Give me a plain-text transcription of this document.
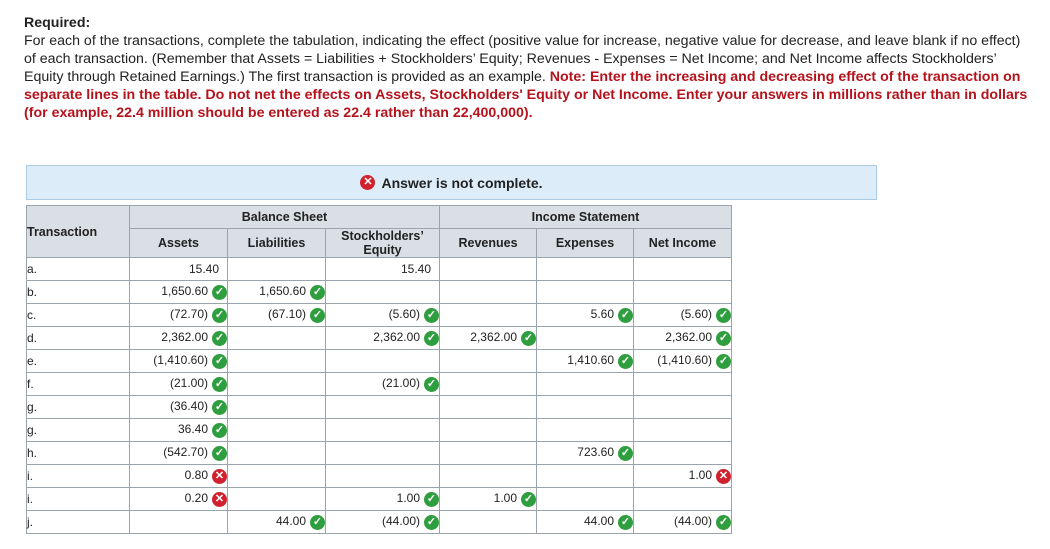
Required:
For each of the transactions, complete the tabulation, indicating the effect (positive value for increase, negative value for decrease, and leave blank if no effect) of each transaction. (Remember that Assets = Liabilities + Stockholders’ Equity; Revenues - Expenses = Net Income; and Net Income affects Stockholders’ Equity through Retained Earnings.) The first transaction is provided as an example. Note: Enter the increasing and decreasing effect of the transaction on separate lines in the table. Do not net the effects on Assets, Stockholders' Equity or Net Income. Enter your answers in millions rather than in dollars (for example, 22.4 million should be entered as 22.4 rather than 22,400,000).
✕ Answer is not complete.
Transaction	Balance Sheet			Income Statement		
	Assets	Liabilities	Stockholders’ Equity	Revenues	Expenses	Net Income
a.	15.40		15.40			
b.	1,650.60 ✓	1,650.60 ✓				
c.	(72.70) ✓	(67.10) ✓	(5.60) ✓		5.60 ✓	(5.60) ✓
d.	2,362.00 ✓		2,362.00 ✓	2,362.00 ✓		2,362.00 ✓
e.	(1,410.60) ✓				1,410.60 ✓	(1,410.60) ✓
f.	(21.00) ✓		(21.00) ✓			
g.	(36.40) ✓					
g.	36.40 ✓					
h.	(542.70) ✓				723.60 ✓	
i.	0.80 ✕					1.00 ✕
i.	0.20 ✕		1.00 ✓	1.00 ✓		
j.		44.00 ✓	(44.00) ✓		44.00 ✓	(44.00) ✓
